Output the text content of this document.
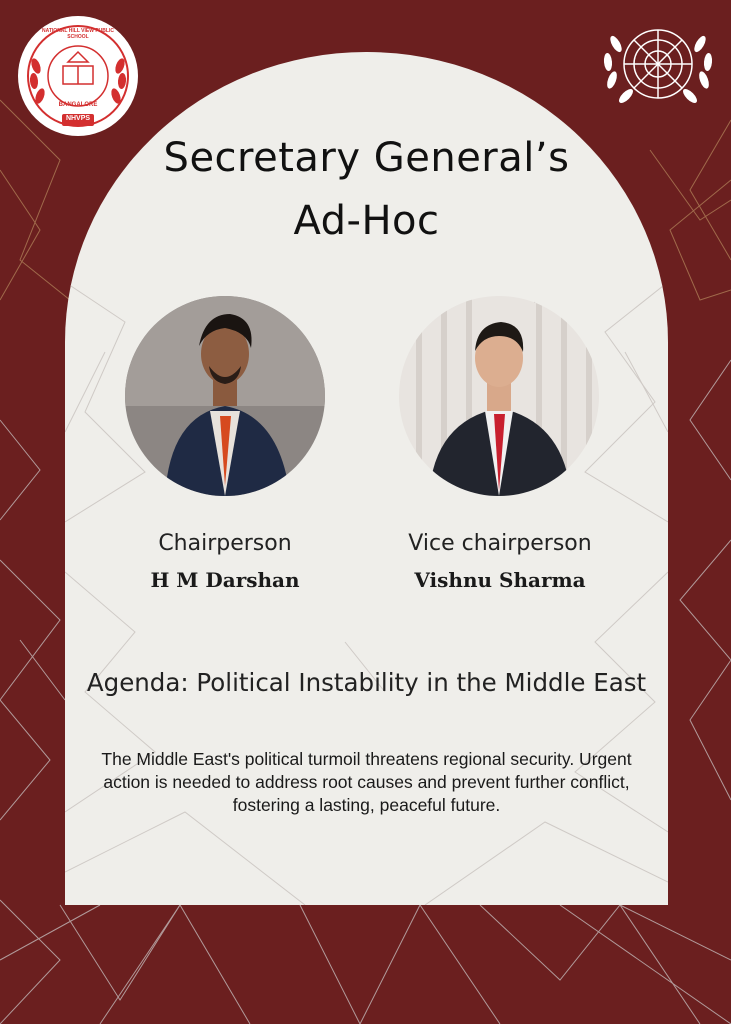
NHVPS
NATIONAL HILL VIEW PUBLIC SCHOOL
BANGALORE
Secretary General’s
Ad-Hoc
Chairperson
H M Darshan
Vice chairperson
Vishnu Sharma
Agenda: Political Instability in the Middle East
The Middle East's political turmoil threatens regional security. Urgent action is needed to address root causes and prevent further conflict, fostering a lasting, peaceful future.
